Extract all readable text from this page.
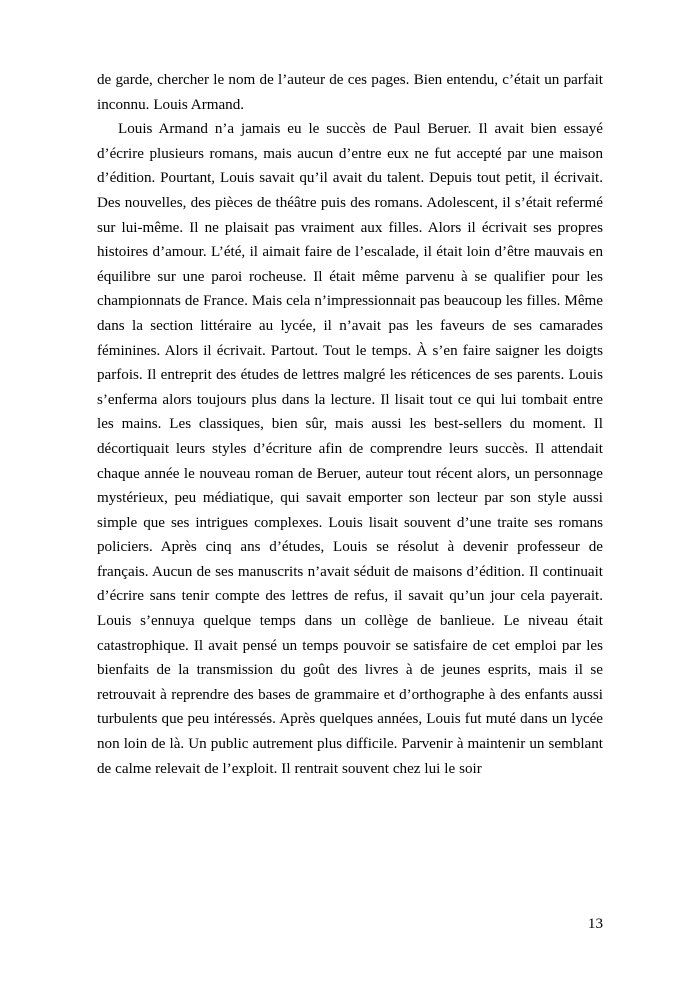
de garde, chercher le nom de l’auteur de ces pages. Bien entendu, c’était un parfait inconnu. Louis Armand.

Louis Armand n’a jamais eu le succès de Paul Beruer. Il avait bien essayé d’écrire plusieurs romans, mais aucun d’entre eux ne fut accepté par une maison d’édition. Pourtant, Louis savait qu’il avait du talent. Depuis tout petit, il écrivait. Des nouvelles, des pièces de théâtre puis des romans. Adolescent, il s’était refermé sur lui-même. Il ne plaisait pas vraiment aux filles. Alors il écrivait ses propres histoires d’amour. L’été, il aimait faire de l’escalade, il était loin d’être mauvais en équilibre sur une paroi rocheuse. Il était même parvenu à se qualifier pour les championnats de France. Mais cela n’impressionnait pas beaucoup les filles. Même dans la section littéraire au lycée, il n’avait pas les faveurs de ses camarades féminines. Alors il écrivait. Partout. Tout le temps. À s’en faire saigner les doigts parfois. Il entreprit des études de lettres malgré les réticences de ses parents. Louis s’enferma alors toujours plus dans la lecture. Il lisait tout ce qui lui tombait entre les mains. Les classiques, bien sûr, mais aussi les best-sellers du moment. Il décortiquait leurs styles d’écriture afin de comprendre leurs succès. Il attendait chaque année le nouveau roman de Beruer, auteur tout récent alors, un personnage mystérieux, peu médiatique, qui savait emporter son lecteur par son style aussi simple que ses intrigues complexes. Louis lisait souvent d’une traite ses romans policiers. Après cinq ans d’études, Louis se résolut à devenir professeur de français. Aucun de ses manuscrits n’avait séduit de maisons d’édition. Il continuait d’écrire sans tenir compte des lettres de refus, il savait qu’un jour cela payerait. Louis s’ennuya quelque temps dans un collège de banlieue. Le niveau était catastrophique. Il avait pensé un temps pouvoir se satisfaire de cet emploi par les bienfaits de la transmission du goût des livres à de jeunes esprits, mais il se retrouvait à reprendre des bases de grammaire et d’orthographe à des enfants aussi turbulents que peu intéressés. Après quelques années, Louis fut muté dans un lycée non loin de là. Un public autrement plus difficile. Parvenir à maintenir un semblant de calme relevait de l’exploit. Il rentrait souvent chez lui le soir

13
